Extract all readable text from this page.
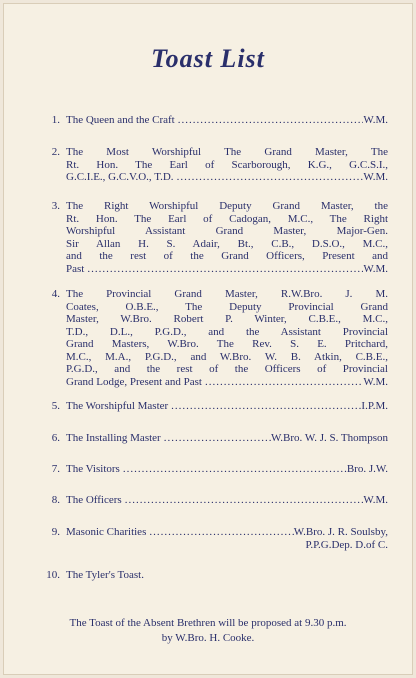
Toast List
1. The Queen and the Craft .....	W.M.
2. The Most Worshipful The Grand Master, The
Rt. Hon. The Earl of Scarborough, K.G., G.C.S.I.,
G.C.I.E., G.C.V.O., T.D. .....	W.M.
3. The Right Worshipful Deputy Grand Master, the
Rt. Hon. The Earl of Cadogan, M.C., The Right
Worshipful Assistant Grand Master, Major-Gen.
Sir Allan H. S. Adair, Bt., C.B., D.S.O., M.C.,
and the rest of the Grand Officers, Present and
Past .....	W.M.
4. The Provincial Grand Master, R.W.Bro. J. M.
Coates, O.B.E., The Deputy Provincial Grand
Master, W.Bro. Robert P. Winter, C.B.E., M.C.,
T.D., D.L., P.G.D., and the Assistant Provincial
Grand Masters, W.Bro. The Rev. S. E. Pritchard,
M.C., M.A., P.G.D., and W.Bro. W. B. Atkin, C.B.E.,
P.G.D., and the rest of the Officers of Provincial
Grand Lodge, Present and Past .....	W.M.
5. The Worshipful Master .....	I.P.M.
6. The Installing Master .....	W.Bro. W. J. S. Thompson
7. The Visitors .....	Bro. J.W.
8. The Officers .....	W.M.
9. Masonic Charities .....	W.Bro. J. R. Soulsby,
P.P.G.Dep. D.of C.
10. The Tyler's Toast.
The Toast of the Absent Brethren will be proposed at 9.30 p.m.
by W.Bro. H. Cooke.
